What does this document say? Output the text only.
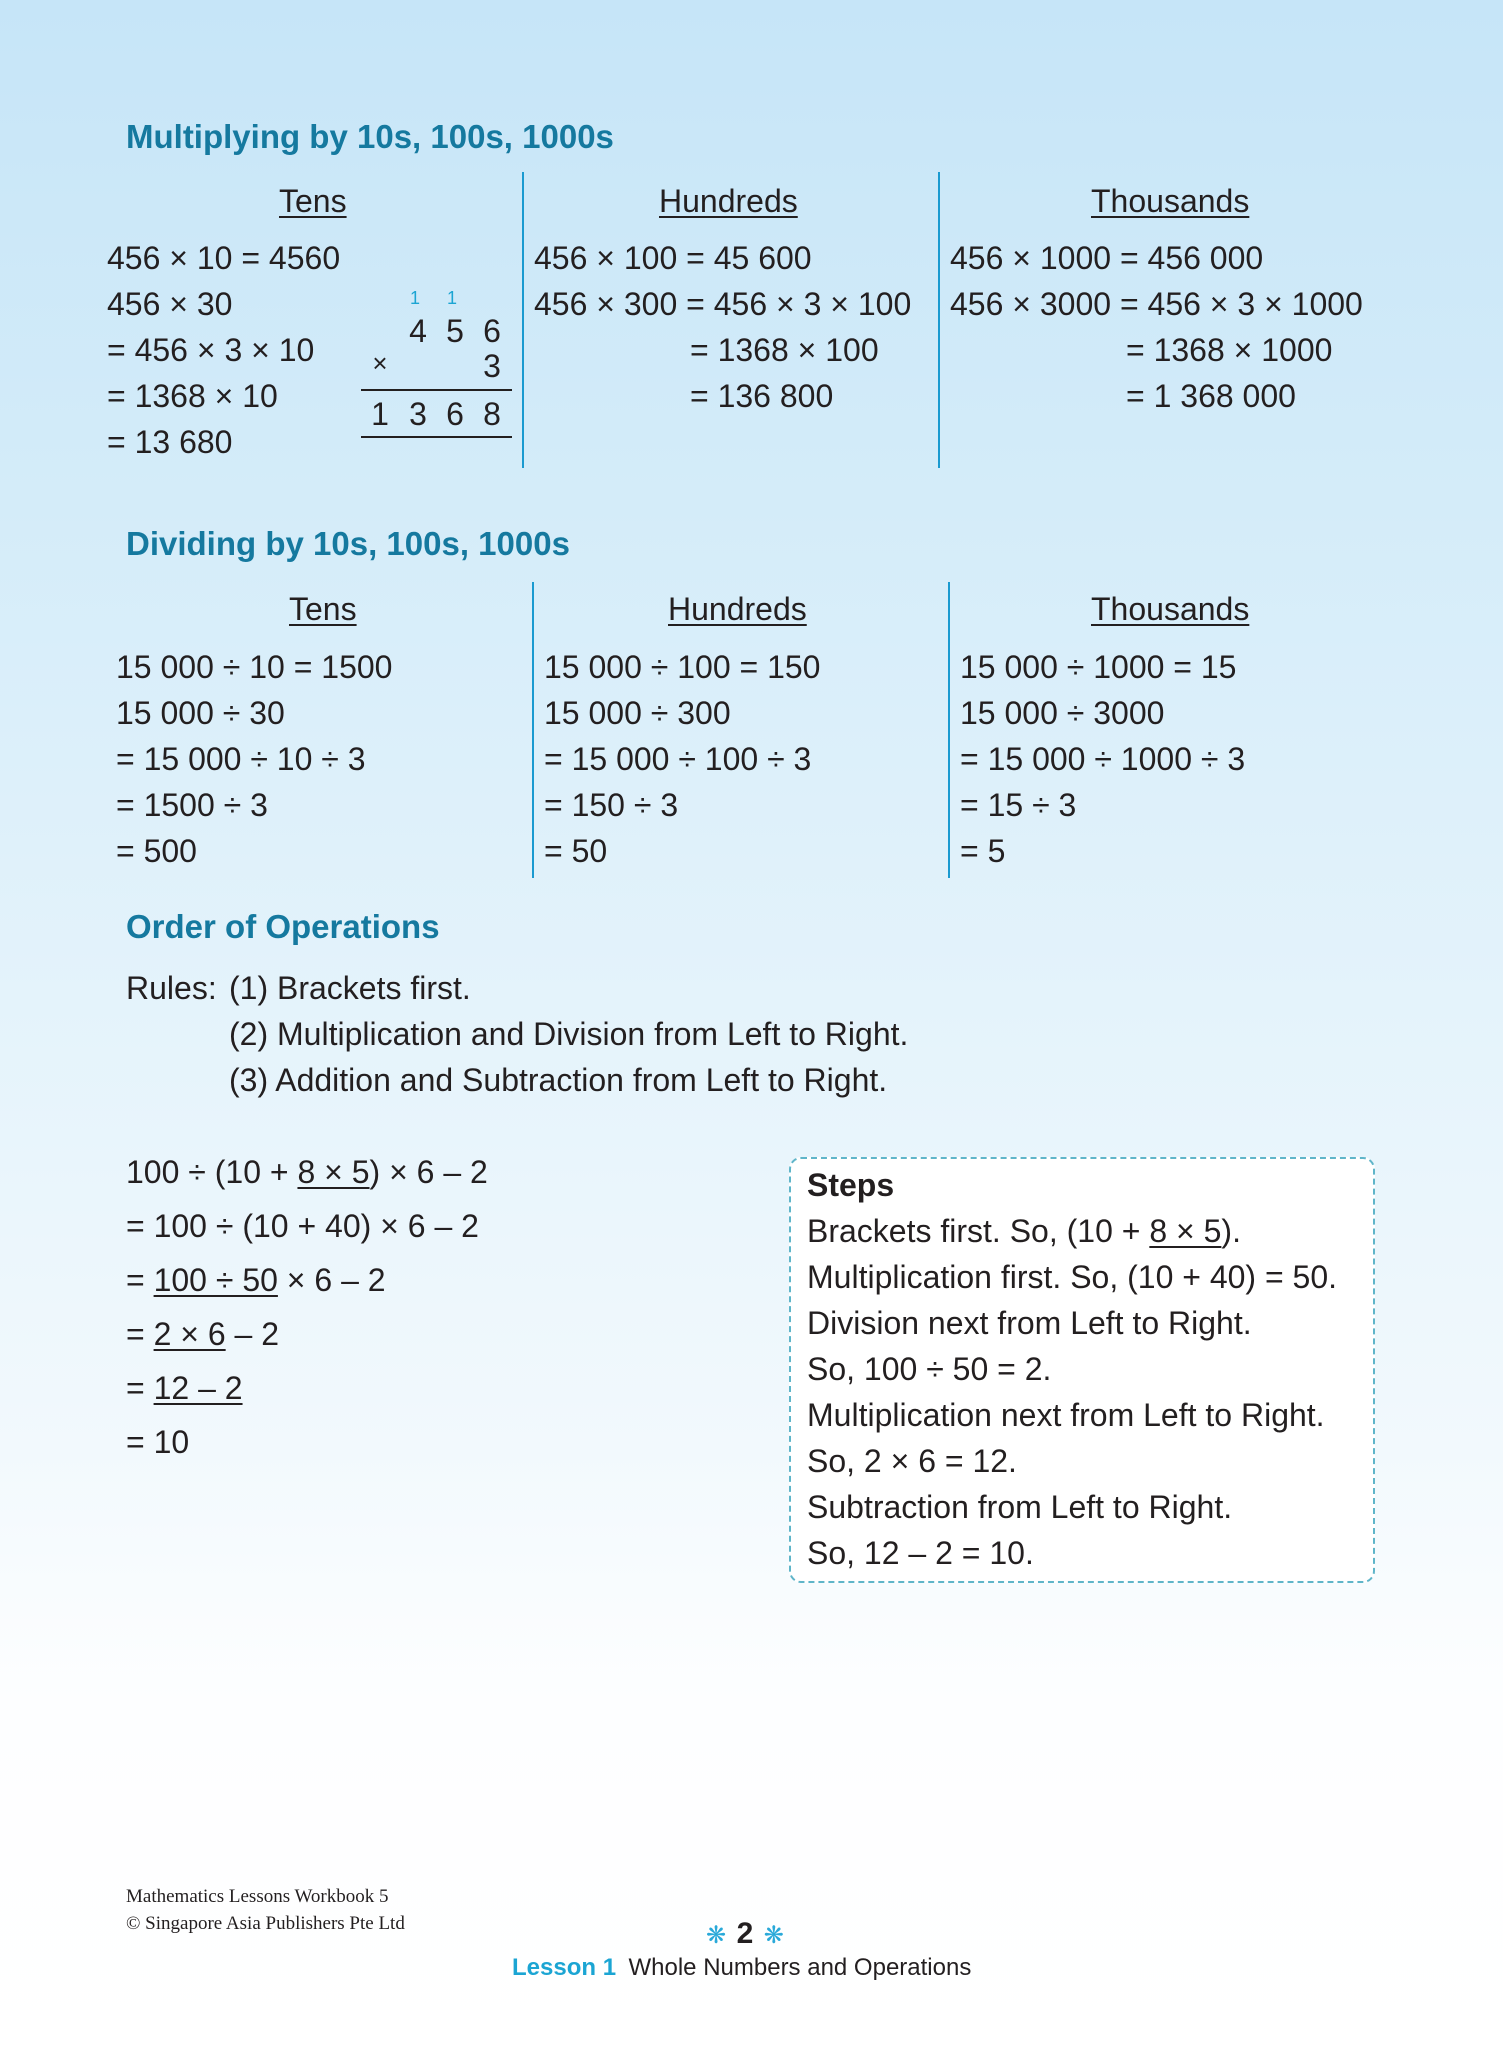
Multiplying by 10s, 100s, 1000s
Tens
456 × 10 = 4560
456 × 30
= 456 × 3 × 10
= 1368 × 10
= 13 680
1 1
4 5 6
×	3
1 3 6 8
Hundreds
456 × 100 = 45 600
456 × 300 = 456 × 3 × 100
= 1368 × 100
= 136 800
Thousands
456 × 1000 = 456 000
456 × 3000 = 456 × 3 × 1000
= 1368 × 1000
= 1 368 000
Dividing by 10s, 100s, 1000s
Tens
15 000 ÷ 10 = 1500
15 000 ÷ 30
= 15 000 ÷ 10 ÷ 3
= 1500 ÷ 3
= 500
Hundreds
15 000 ÷ 100 = 150
15 000 ÷ 300
= 15 000 ÷ 100 ÷ 3
= 150 ÷ 3
= 50
Thousands
15 000 ÷ 1000 = 15
15 000 ÷ 3000
= 15 000 ÷ 1000 ÷ 3
= 15 ÷ 3
= 5
Order of Operations
Rules: (1) Brackets first.
(2) Multiplication and Division from Left to Right.
(3) Addition and Subtraction from Left to Right.
100 ÷ (10 + 8 × 5) × 6 – 2
= 100 ÷ (10 + 40) × 6 – 2
= 100 ÷ 50 × 6 – 2
= 2 × 6 – 2
= 12 – 2
= 10
Steps
Brackets first. So, (10 + 8 × 5).
Multiplication first. So, (10 + 40) = 50.
Division next from Left to Right.
So, 100 ÷ 50 = 2.
Multiplication next from Left to Right.
So, 2 × 6 = 12.
Subtraction from Left to Right.
So, 12 – 2 = 10.
Mathematics Lessons Workbook 5
© Singapore Asia Publishers Pte Ltd	❋ 2 ❋
Lesson 1 Whole Numbers and Operations
